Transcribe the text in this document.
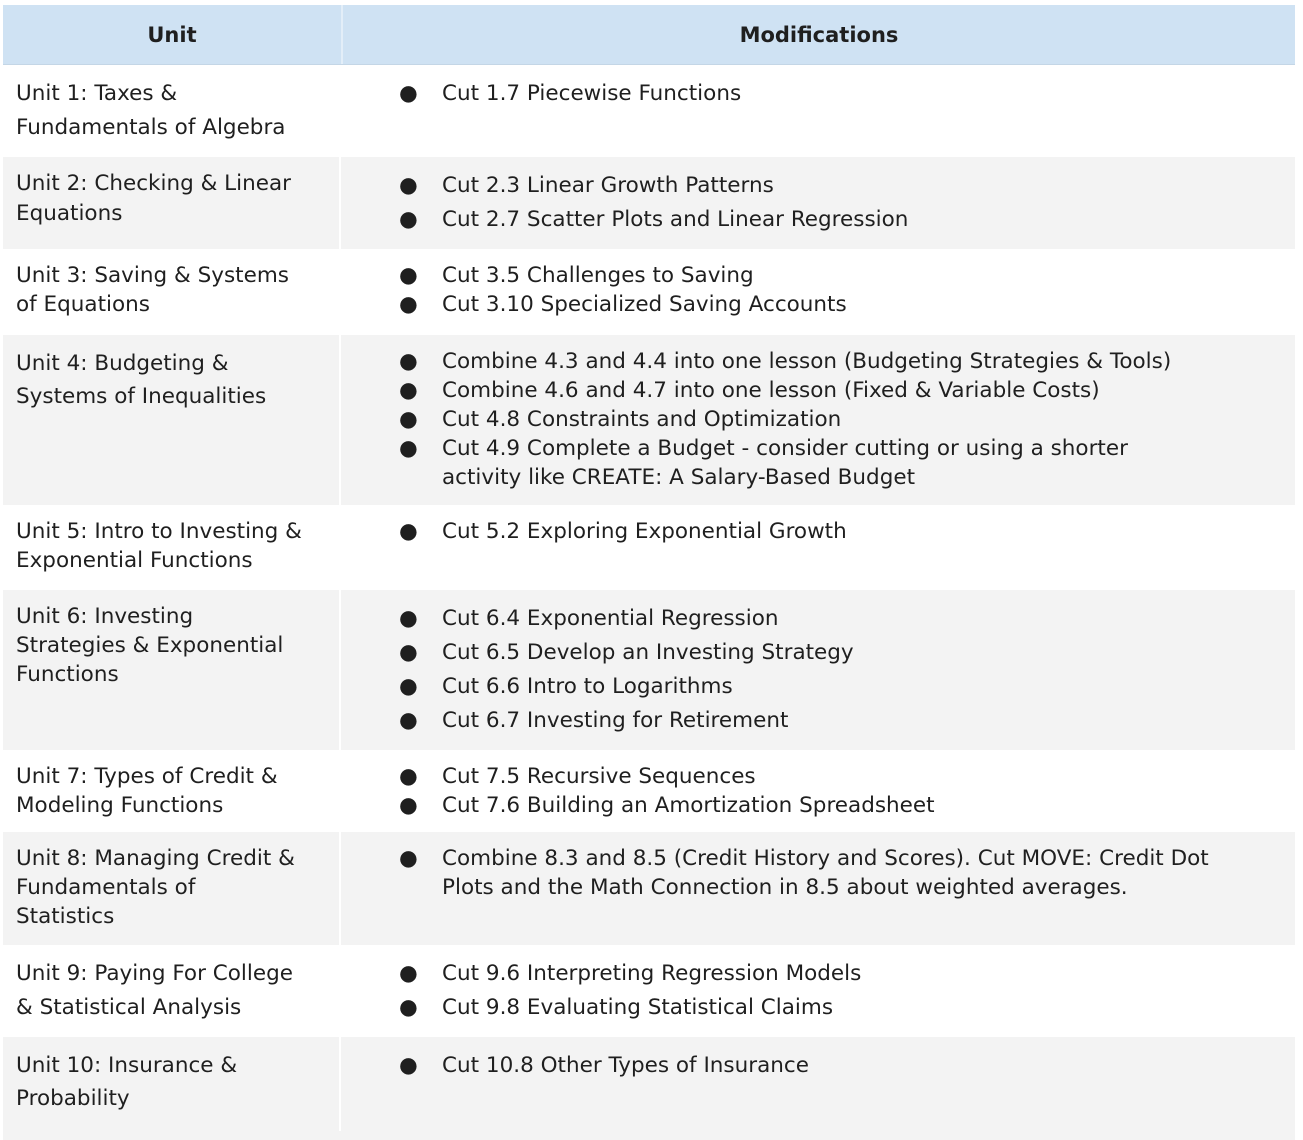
Unit	Modifications
Unit 1: Taxes &
Fundamentals of Algebra
● Cut 1.7 Piecewise Functions
Unit 2: Checking & Linear
Equations
● Cut 2.3 Linear Growth Patterns
● Cut 2.7 Scatter Plots and Linear Regression
Unit 3: Saving & Systems
of Equations
● Cut 3.5 Challenges to Saving
● Cut 3.10 Specialized Saving Accounts
Unit 4: Budgeting &
Systems of Inequalities
● Combine 4.3 and 4.4 into one lesson (Budgeting Strategies & Tools)
● Combine 4.6 and 4.7 into one lesson (Fixed & Variable Costs)
● Cut 4.8 Constraints and Optimization
● Cut 4.9 Complete a Budget - consider cutting or using a shorter
activity like CREATE: A Salary-Based Budget
Unit 5: Intro to Investing &
Exponential Functions
● Cut 5.2 Exploring Exponential Growth
Unit 6: Investing
Strategies & Exponential
Functions
● Cut 6.4 Exponential Regression
● Cut 6.5 Develop an Investing Strategy
● Cut 6.6 Intro to Logarithms
● Cut 6.7 Investing for Retirement
Unit 7: Types of Credit &
Modeling Functions
● Cut 7.5 Recursive Sequences
● Cut 7.6 Building an Amortization Spreadsheet
Unit 8: Managing Credit &
Fundamentals of
Statistics
● Combine 8.3 and 8.5 (Credit History and Scores). Cut MOVE: Credit Dot
Plots and the Math Connection in 8.5 about weighted averages.
Unit 9: Paying For College
& Statistical Analysis
● Cut 9.6 Interpreting Regression Models
● Cut 9.8 Evaluating Statistical Claims
Unit 10: Insurance &
Probability
● Cut 10.8 Other Types of Insurance
